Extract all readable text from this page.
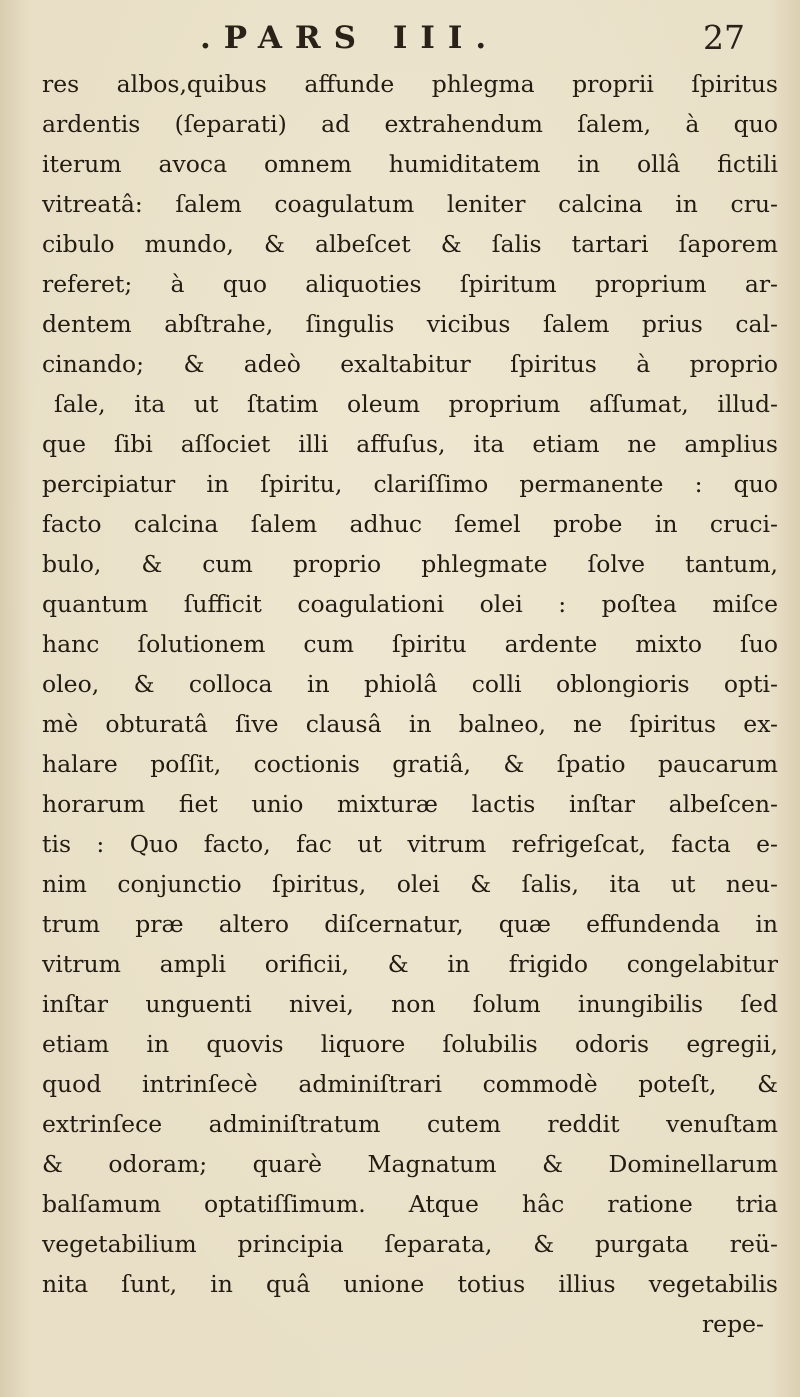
.PARS III.	27
res albos,quibus affunde phlegma proprii ſpiritus
ardentis (ſeparati) ad extrahendum ſalem, à quo
iterum avoca omnem humiditatem in ollâ fictili
vitreatâ: ſalem coagulatum leniter calcina in cru-
cibulo mundo, & albeſcet & ſalis tartari ſaporem
referet; à quo aliquoties ſpiritum proprium ar-
dentem abſtrahe, ſingulis vicibus ſalem prius cal-
cinando; & adeò exaltabitur ſpiritus à proprio
ſale, ita ut ſtatim oleum proprium aſſumat, illud-
que ſibi aſſociet illi affuſus, ita etiam ne amplius
percipiatur in ſpiritu, clariſſimo permanente : quo
facto calcina ſalem adhuc ſemel probe in cruci-
bulo, & cum proprio phlegmate ſolve tantum,
quantum ſufficit coagulationi olei : poſtea miſce
hanc ſolutionem cum ſpiritu ardente mixto ſuo
oleo, & colloca in phiolâ colli oblongioris opti-
mè obturatâ ſive clausâ in balneo, ne ſpiritus ex-
halare poſſit, coctionis gratiâ, & ſpatio paucarum
horarum fiet unio mixturæ lactis inſtar albeſcen-
tis : Quo facto, fac ut vitrum refrigeſcat, facta e-
nim conjunctio ſpiritus, olei & ſalis, ita ut neu-
trum præ altero diſcernatur, quæ effundenda in
vitrum ampli orificii, & in frigido congelabitur
inſtar unguenti nivei, non ſolum inungibilis ſed
etiam in quovis liquore ſolubilis odoris egregii,
quod intrinſecè adminiſtrari commodè poteſt, &
extrinſece adminiſtratum cutem reddit venuſtam
& odoram; quarè Magnatum & Dominellarum
balſamum optatiſſimum. Atque hâc ratione tria
vegetabilium principia ſeparata, & purgata reü-
nita ſunt, in quâ unione totius illius vegetabilis
repe-
